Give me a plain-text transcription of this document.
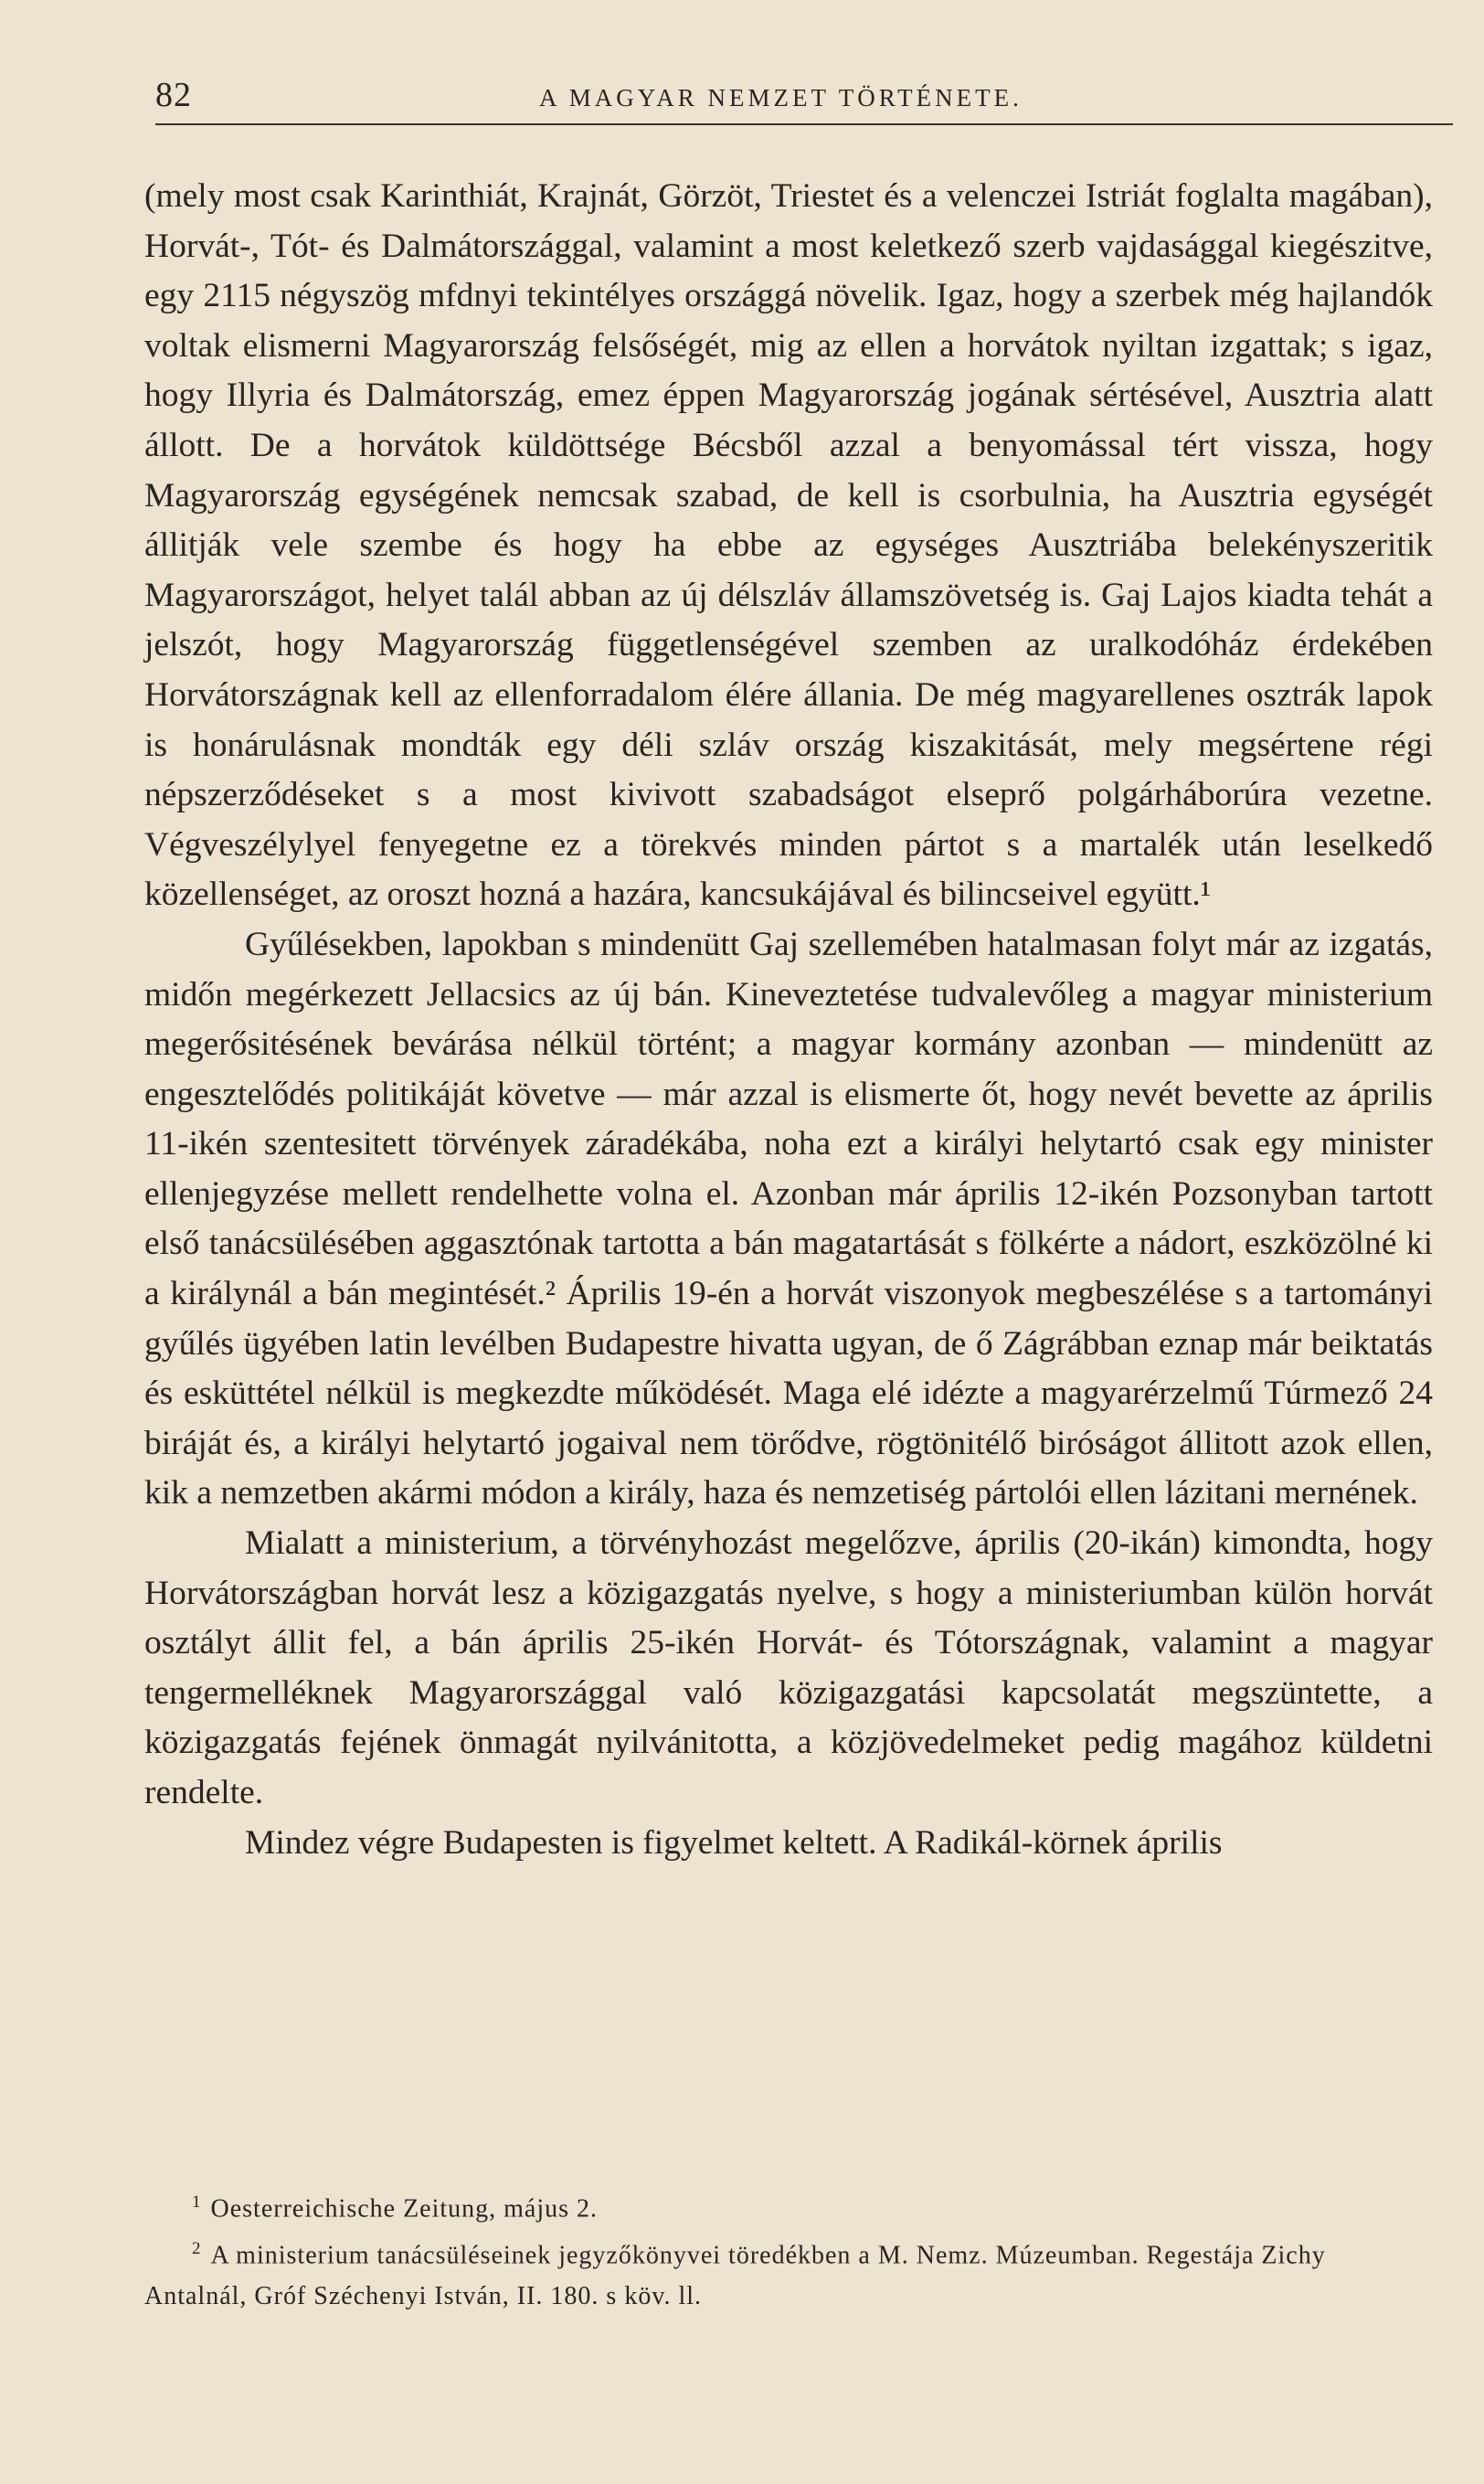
82	A MAGYAR NEMZET TÖRTÉNETE.

(mely most csak Karinthiát, Krajnát, Görzöt, Triestet és a velenczei Istriát foglalta magában), Horvát-, Tót- és Dalmátországgal, valamint a most keletkező szerb vajdasággal kiegészitve, egy 2115 négyszög mfdnyi tekintélyes országgá növelik. Igaz, hogy a szerbek még hajlandók voltak elismerni Magyarország felsőségét, mig az ellen a horvátok nyiltan izgattak; s igaz, hogy Illyria és Dalmátország, emez éppen Magyarország jogának sértésével, Ausztria alatt állott. De a horvátok küldöttsége Bécsből azzal a benyomással tért vissza, hogy Magyarország egységének nemcsak szabad, de kell is csorbulnia, ha Ausztria egységét állitják vele szembe és hogy ha ebbe az egységes Ausztriába belekényszeritik Magyarországot, helyet talál abban az új délszláv államszövetség is. Gaj Lajos kiadta tehát a jelszót, hogy Magyarország függetlenségével szemben az uralkodóház érdekében Horvátországnak kell az ellenforradalom élére állania. De még magyarellenes osztrák lapok is honárulásnak mondták egy déli szláv ország kiszakitását, mely megsértene régi népszerződéseket s a most kivivott szabadságot elseprő polgárháborúra vezetne. Végveszélylyel fenyegetne ez a törekvés minden pártot s a martalék után leselkedő közellenséget, az oroszt hozná a hazára, kancsukájával és bilincseivel együtt.¹

Gyűlésekben, lapokban s mindenütt Gaj szellemében hatalmasan folyt már az izgatás, midőn megérkezett Jellacsics az új bán. Kineveztetése tudvalevőleg a magyar ministerium megerősitésének bevárása nélkül történt; a magyar kormány azonban — mindenütt az engesztelődés politikáját követve — már azzal is elismerte őt, hogy nevét bevette az április 11-ikén szentesitett törvények záradékába, noha ezt a királyi helytartó csak egy minister ellenjegyzése mellett rendelhette volna el. Azonban már április 12-ikén Pozsonyban tartott első tanácsülésében aggasztónak tartotta a bán magatartását s fölkérte a nádort, eszközölné ki a királynál a bán megintését.² Április 19-én a horvát viszonyok megbeszélése s a tartományi gyűlés ügyében latin levélben Budapestre hivatta ugyan, de ő Zágrábban eznap már beiktatás és esküttétel nélkül is megkezdte működését. Maga elé idézte a magyarérzelmű Túrmező 24 biráját és, a királyi helytartó jogaival nem törődve, rögtönitélő biróságot állitott azok ellen, kik a nemzetben akármi módon a király, haza és nemzetiség pártolói ellen lázitani mernének.

Mialatt a ministerium, a törvényhozást megelőzve, április (20-ikán) kimondta, hogy Horvátországban horvát lesz a közigazgatás nyelve, s hogy a ministeriumban külön horvát osztályt állit fel, a bán április 25-ikén Horvát- és Tótországnak, valamint a magyar tengermelléknek Magyarországgal való közigazgatási kapcsolatát megszüntette, a közigazgatás fejének önmagát nyilvánitotta, a közjövedelmeket pedig magához küldetni rendelte.

Mindez végre Budapesten is figyelmet keltett. A Radikál-körnek április

$^1$ Oesterreichische Zeitung, május 2.

$^2$ A ministerium tanácsüléseinek jegyzőkönyvei töredékben a M. Nemz. Múzeumban. Regestája Zichy Antalnál, Gróf Széchenyi István, II. 180. s köv. ll.
